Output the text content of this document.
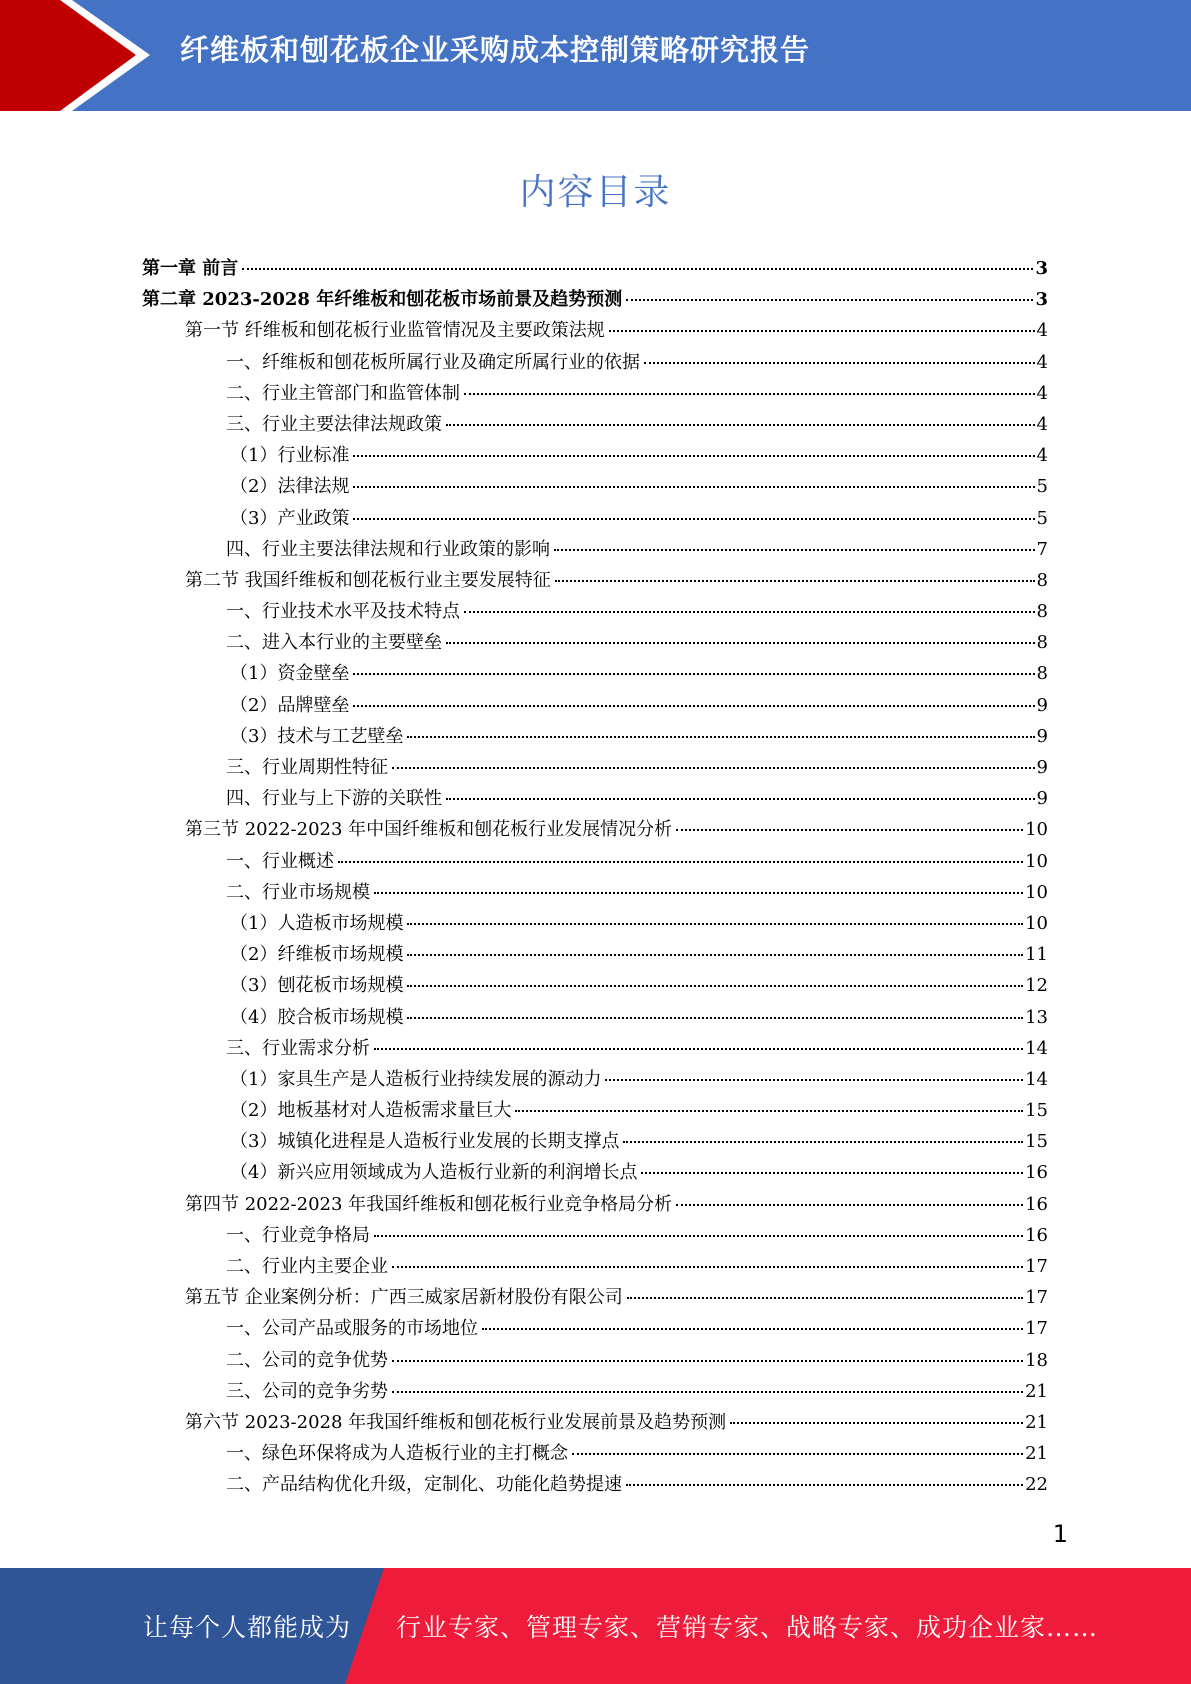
纤维板和刨花板企业采购成本控制策略研究报告
内容目录
第一章 前言	3
第二章 2023-2028 年纤维板和刨花板市场前景及趋势预测	3
第一节 纤维板和刨花板行业监管情况及主要政策法规	4
一、纤维板和刨花板所属行业及确定所属行业的依据	4
二、行业主管部门和监管体制	4
三、行业主要法律法规政策	4
（1）行业标准	4
（2）法律法规	5
（3）产业政策	5
四、行业主要法律法规和行业政策的影响	7
第二节 我国纤维板和刨花板行业主要发展特征	8
一、行业技术水平及技术特点	8
二、进入本行业的主要壁垒	8
（1）资金壁垒	8
（2）品牌壁垒	9
（3）技术与工艺壁垒	9
三、行业周期性特征	9
四、行业与上下游的关联性	9
第三节 2022-2023 年中国纤维板和刨花板行业发展情况分析	10
一、行业概述	10
二、行业市场规模	10
（1）人造板市场规模	10
（2）纤维板市场规模	11
（3）刨花板市场规模	12
（4）胶合板市场规模	13
三、行业需求分析	14
（1）家具生产是人造板行业持续发展的源动力	14
（2）地板基材对人造板需求量巨大	15
（3）城镇化进程是人造板行业发展的长期支撑点	15
（4）新兴应用领域成为人造板行业新的利润增长点	16
第四节 2022-2023 年我国纤维板和刨花板行业竞争格局分析	16
一、行业竞争格局	16
二、行业内主要企业	17
第五节 企业案例分析：广西三威家居新材股份有限公司	17
一、公司产品或服务的市场地位	17
二、公司的竞争优势	18
三、公司的竞争劣势	21
第六节 2023-2028 年我国纤维板和刨花板行业发展前景及趋势预测	21
一、绿色环保将成为人造板行业的主打概念	21
二、产品结构优化升级，定制化、功能化趋势提速	22
1
让每个人都能成为 行业专家、管理专家、营销专家、战略专家、成功企业家……
